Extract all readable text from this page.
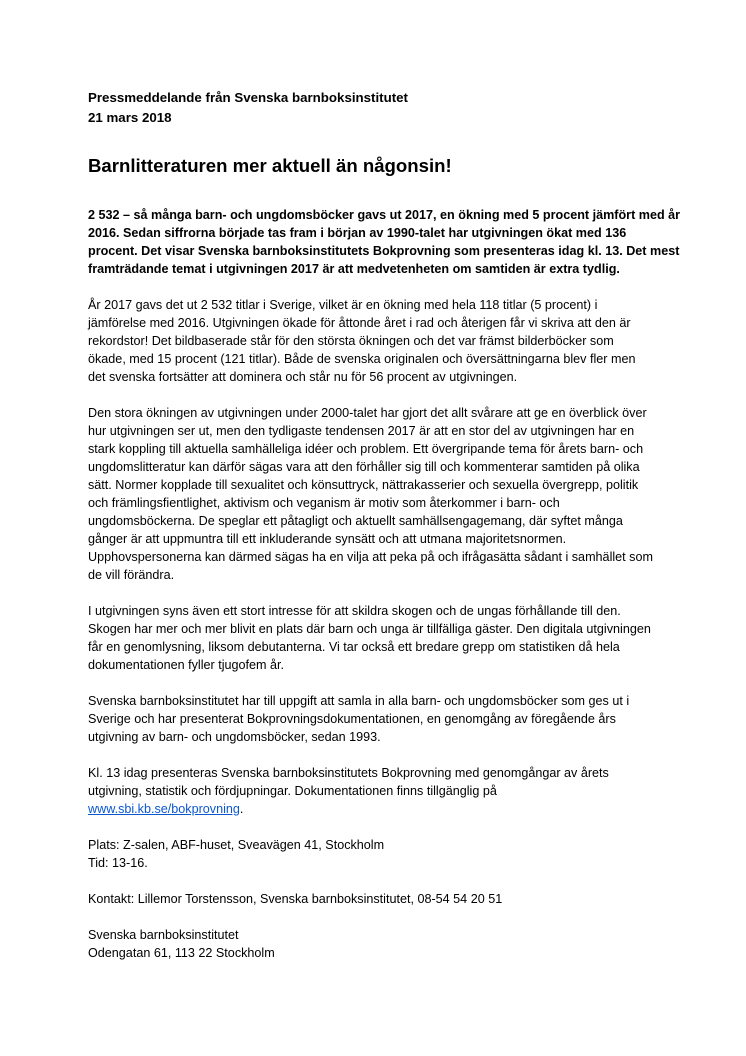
Pressmeddelande från Svenska barnboksinstitutet

21 mars 2018

Barnlitteraturen mer aktuell än någonsin!

2 532 – så många barn- och ungdomsböcker gavs ut 2017, en ökning med 5 procent jämfört med år
2016. Sedan siffrorna började tas fram i början av 1990-talet har utgivningen ökat med 136
procent. Det visar Svenska barnboksinstitutets Bokprovning som presenteras idag kl. 13. Det mest
framträdande temat i utgivningen 2017 är att medvetenheten om samtiden är extra tydlig.

År 2017 gavs det ut 2 532 titlar i Sverige, vilket är en ökning med hela 118 titlar (5 procent) i
jämförelse med 2016. Utgivningen ökade för åttonde året i rad och återigen får vi skriva att den är
rekordstor! Det bildbaserade står för den största ökningen och det var främst bilderböcker som
ökade, med 15 procent (121 titlar). Både de svenska originalen och översättningarna blev fler men
det svenska fortsätter att dominera och står nu för 56 procent av utgivningen.

Den stora ökningen av utgivningen under 2000-talet har gjort det allt svårare att ge en överblick över
hur utgivningen ser ut, men den tydligaste tendensen 2017 är att en stor del av utgivningen har en
stark koppling till aktuella samhälleliga idéer och problem. Ett övergripande tema för årets barn- och
ungdomslitteratur kan därför sägas vara att den förhåller sig till och kommenterar samtiden på olika
sätt. Normer kopplade till sexualitet och könsuttryck, nättrakasserier och sexuella övergrepp, politik
och främlingsfientlighet, aktivism och veganism är motiv som återkommer i barn- och
ungdomsböckerna. De speglar ett påtagligt och aktuellt samhällsengagemang, där syftet många
gånger är att uppmuntra till ett inkluderande synsätt och att utmana majoritetsnormen.
Upphovspersonerna kan därmed sägas ha en vilja att peka på och ifrågasätta sådant i samhället som
de vill förändra.

I utgivningen syns även ett stort intresse för att skildra skogen och de ungas förhållande till den.
Skogen har mer och mer blivit en plats där barn och unga är tillfälliga gäster. Den digitala utgivningen
får en genomlysning, liksom debutanterna. Vi tar också ett bredare grepp om statistiken då hela
dokumentationen fyller tjugofem år.

Svenska barnboksinstitutet har till uppgift att samla in alla barn- och ungdomsböcker som ges ut i
Sverige och har presenterat Bokprovningsdokumentationen, en genomgång av föregående års
utgivning av barn- och ungdomsböcker, sedan 1993.

Kl. 13 idag presenteras Svenska barnboksinstitutets Bokprovning med genomgångar av årets
utgivning, statistik och fördjupningar. Dokumentationen finns tillgänglig på
www.sbi.kb.se/bokprovning.

Plats: Z-salen, ABF-huset, Sveavägen 41, Stockholm
Tid: 13-16.

Kontakt: Lillemor Torstensson, Svenska barnboksinstitutet, 08-54 54 20 51

Svenska barnboksinstitutet
Odengatan 61, 113 22 Stockholm
